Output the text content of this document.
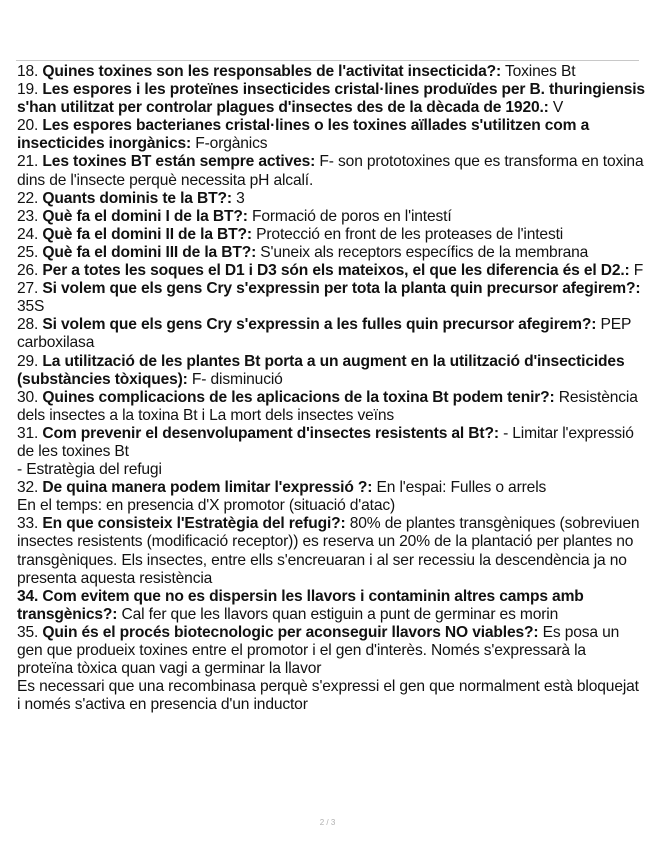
18. Quines toxines son les responsables de l'activitat insecticida?: Toxines Bt

19. Les espores i les proteïnes insecticides cristal·lines produïdes per B. thuringiensis s'han utilitzat per controlar plagues d'insectes des de la dècada de 1920.: V

20. Les espores bacterianes cristal·lines o les toxines aïllades s'utilitzen com a insecticides inorgànics: F-orgànics

21. Les toxines BT están sempre actives: F- son prototoxines que es transforma en toxina dins de l'insecte perquè necessita pH alcalí.

22. Quants dominis te la BT?: 3

23. Què fa el domini I de la BT?: Formació de poros en l'intestí

24. Què fa el domini II de la BT?: Protecció en front de les proteases de l'intesti

25. Què fa el domini III de la BT?: S'uneix als receptors específics de la membrana

26. Per a totes les soques el D1 i D3 són els mateixos, el que les diferencia és el D2.: F

27. Si volem que els gens Cry s'expressin per tota la planta quin precursor afegirem?: 35S

28. Si volem que els gens Cry s'expressin a les fulles quin precursor afegirem?: PEP carboxilasa

29. La utilització de les plantes Bt porta a un augment en la utilització d'insecticides (substàncies tòxiques): F- disminució

30. Quines complicacions de les aplicacions de la toxina Bt podem tenir?: Resistència dels insectes a la toxina Bt i La mort dels insectes veïns

31. Com prevenir el desenvolupament d'insectes resistents al Bt?: - Limitar l'expressió de les toxines Bt
- Estratègia del refugi

32. De quina manera podem limitar l'expressió ?: En l'espai: Fulles o arrels
En el temps: en presencia d'X promotor (situació d'atac)

33. En que consisteix l'Estratègia del refugi?: 80% de plantes transgèniques (sobreviuen insectes resistents (modificació receptor)) es reserva un 20% de la plantació per plantes no transgèniques. Els insectes, entre ells s'encreuaran i al ser recessiu la descendència ja no presenta aquesta resistència

34. Com evitem que no es dispersin les llavors i contaminin altres camps amb transgènics?: Cal fer que les llavors quan estiguin a punt de germinar es morin

35. Quin és el procés biotecnologic per aconseguir llavors NO viables?: Es posa un gen que produeix toxines entre el promotor i el gen d'interès. Només s'expressarà la proteïna tòxica quan vagi a germinar la llavor
Es necessari que una recombinasa perquè s'expressi el gen que normalment està bloquejat i només s'activa en presencia d'un inductor

2 / 3
